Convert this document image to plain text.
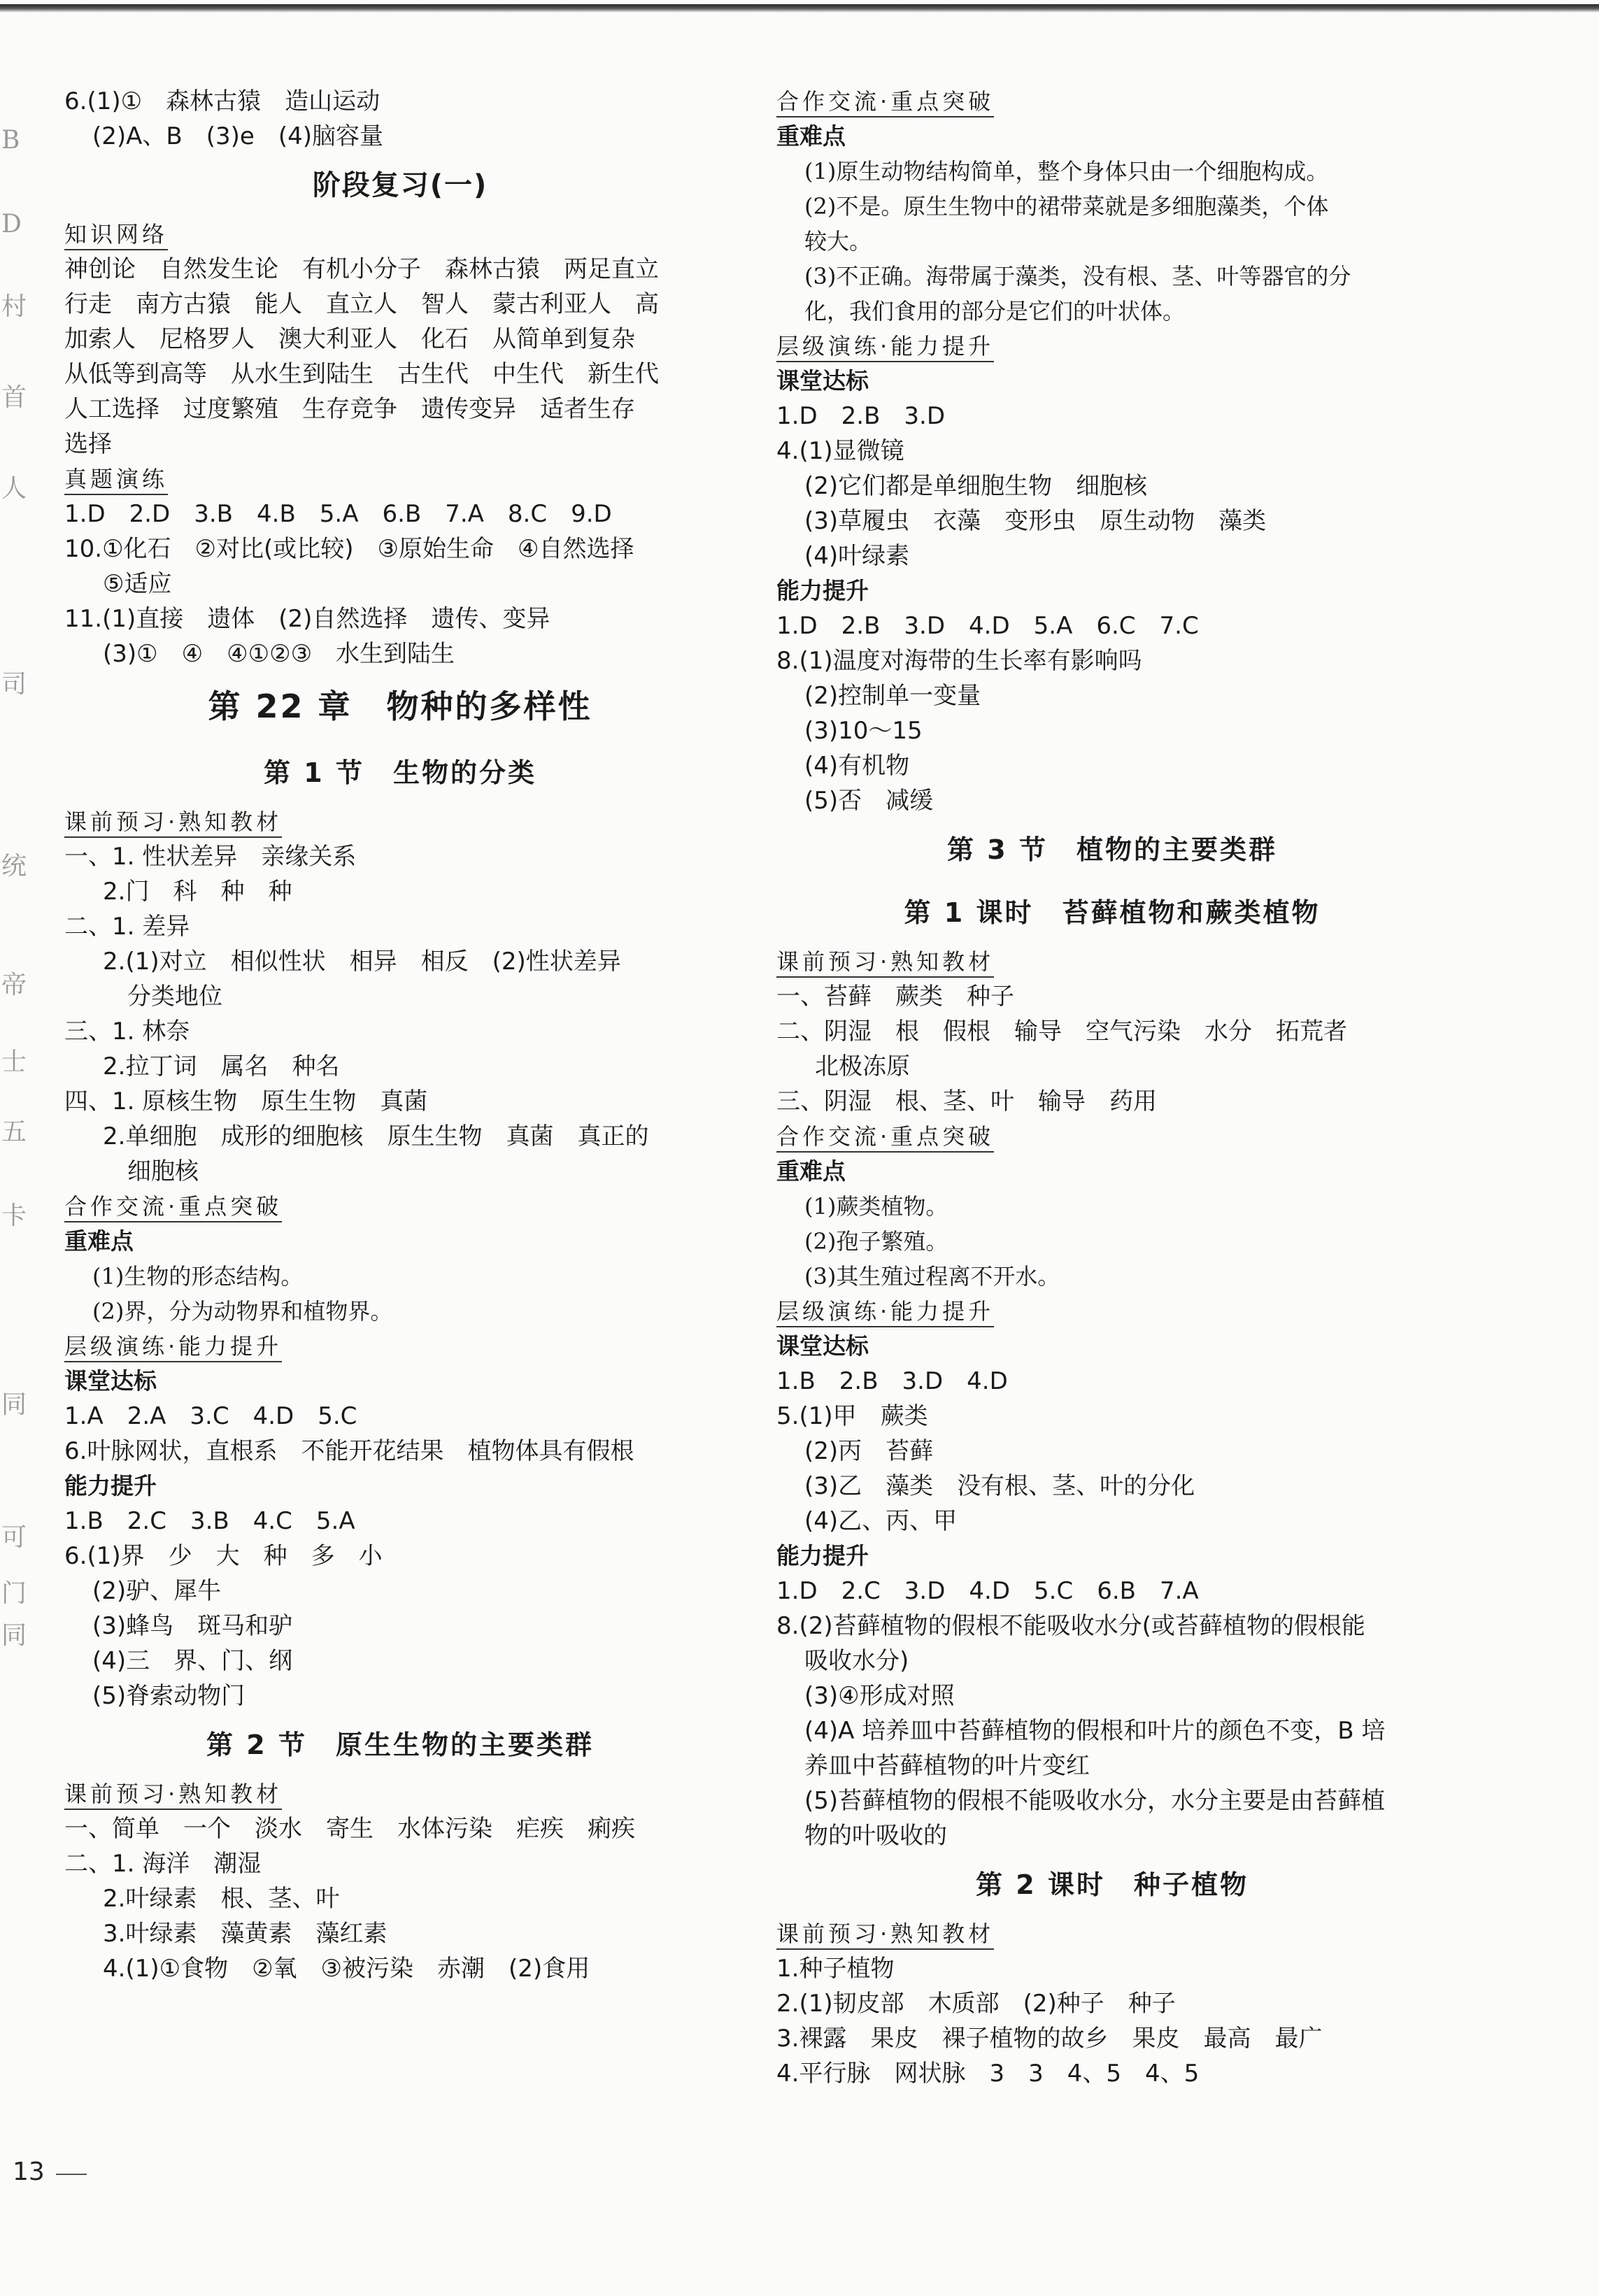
B
D
村
首
人
司
统
帝
士
五
卡
同
可
门
同
6.(1)①　森林古猿　造山运动
(2)A、B　(3)e　(4)脑容量
阶段复习(一)
知识网络
神创论　自然发生论　有机小分子　森林古猿　两足直立
行走　南方古猿　能人　直立人　智人　蒙古利亚人　高
加索人　尼格罗人　澳大利亚人　化石　从简单到复杂
从低等到高等　从水生到陆生　古生代　中生代　新生代
人工选择　过度繁殖　生存竞争　遗传变异　适者生存
选择
真题演练
1.D　2.D　3.B　4.B　5.A　6.B　7.A　8.C　9.D
10.①化石　②对比(或比较)　③原始生命　④自然选择
⑤适应
11.(1)直接　遗体　(2)自然选择　遗传、变异
(3)①　④　④①②③　水生到陆生
第 22 章　物种的多样性
第 1 节　生物的分类
课前预习·熟知教材
一、1. 性状差异　亲缘关系
2.门　科　种　种
二、1. 差异
2.(1)对立　相似性状　相异　相反　(2)性状差异
分类地位
三、1. 林奈
2.拉丁词　属名　种名
四、1. 原核生物　原生生物　真菌
2.单细胞　成形的细胞核　原生生物　真菌　真正的
细胞核
合作交流·重点突破
重难点
(1)生物的形态结构。
(2)界，分为动物界和植物界。
层级演练·能力提升
课堂达标
1.A　2.A　3.C　4.D　5.C
6.叶脉网状，直根系　不能开花结果　植物体具有假根
能力提升
1.B　2.C　3.B　4.C　5.A
6.(1)界　少　大　种　多　小
(2)驴、犀牛
(3)蜂鸟　斑马和驴
(4)三　界、门、纲
(5)脊索动物门
第 2 节　原生生物的主要类群
课前预习·熟知教材
一、简单　一个　淡水　寄生　水体污染　疟疾　痢疾
二、1. 海洋　潮湿
2.叶绿素　根、茎、叶
3.叶绿素　藻黄素　藻红素
4.(1)①食物　②氧　③被污染　赤潮　(2)食用
合作交流·重点突破
重难点
(1)原生动物结构简单，整个身体只由一个细胞构成。
(2)不是。原生生物中的裙带菜就是多细胞藻类，个体
较大。
(3)不正确。海带属于藻类，没有根、茎、叶等器官的分
化，我们食用的部分是它们的叶状体。
层级演练·能力提升
课堂达标
1.D　2.B　3.D
4.(1)显微镜
(2)它们都是单细胞生物　细胞核
(3)草履虫　衣藻　变形虫　原生动物　藻类
(4)叶绿素
能力提升
1.D　2.B　3.D　4.D　5.A　6.C　7.C
8.(1)温度对海带的生长率有影响吗
(2)控制单一变量
(3)10～15
(4)有机物
(5)否　减缓
第 3 节　植物的主要类群
第 1 课时　苔藓植物和蕨类植物
课前预习·熟知教材
一、苔藓　蕨类　种子
二、阴湿　根　假根　输导　空气污染　水分　拓荒者
北极冻原
三、阴湿　根、茎、叶　输导　药用
合作交流·重点突破
重难点
(1)蕨类植物。
(2)孢子繁殖。
(3)其生殖过程离不开水。
层级演练·能力提升
课堂达标
1.B　2.B　3.D　4.D
5.(1)甲　蕨类
(2)丙　苔藓
(3)乙　藻类　没有根、茎、叶的分化
(4)乙、丙、甲
能力提升
1.D　2.C　3.D　4.D　5.C　6.B　7.A
8.(2)苔藓植物的假根不能吸收水分(或苔藓植物的假根能
吸收水分)
(3)④形成对照
(4)A 培养皿中苔藓植物的假根和叶片的颜色不变，B 培
养皿中苔藓植物的叶片变红
(5)苔藓植物的假根不能吸收水分，水分主要是由苔藓植
物的叶吸收的
第 2 课时　种子植物
课前预习·熟知教材
1.种子植物
2.(1)韧皮部　木质部　(2)种子　种子
3.裸露　果皮　裸子植物的故乡　果皮　最高　最广
4.平行脉　网状脉　3　3　4、5　4、5
13
